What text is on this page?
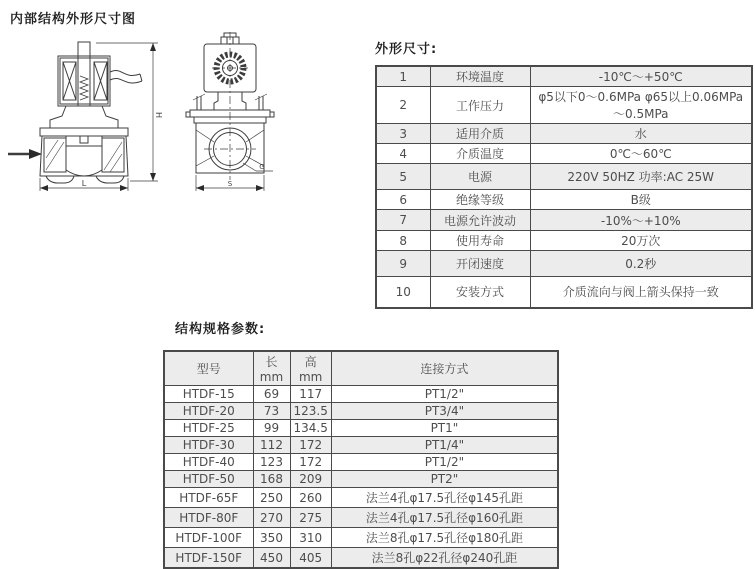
内部结构外形尺寸图
H
L
G
S
外形尺寸:
1	环境温度	-10℃～+50℃
2	工作压力	φ5以下0～0.6MPa φ65以上0.06MPa～0.5MPa
3	适用介质	水
4	介质温度	0℃～60℃
5	电源	220V 50HZ 功率:AC 25W
6	绝缘等级	B级
7	电源允许波动	-10%～+10%
8	使用寿命	20万次
9	开闭速度	0.2秒
10	安装方式	介质流向与阀上箭头保持一致
结构规格参数:
型号	长mm	高mm	连接方式
HTDF-15	69	117	PT1/2"
HTDF-20	73	123.5	PT3/4"
HTDF-25	99	134.5	PT1"
HTDF-30	112	172	PT1/4"
HTDF-40	123	172	PT1/2"
HTDF-50	168	209	PT2"
HTDF-65F	250	260	法兰4孔φ17.5孔径φ145孔距
HTDF-80F	270	275	法兰4孔φ17.5孔径φ160孔距
HTDF-100F	350	310	法兰8孔φ17.5孔径φ180孔距
HTDF-150F	450	405	法兰8孔φ22孔径φ240孔距
